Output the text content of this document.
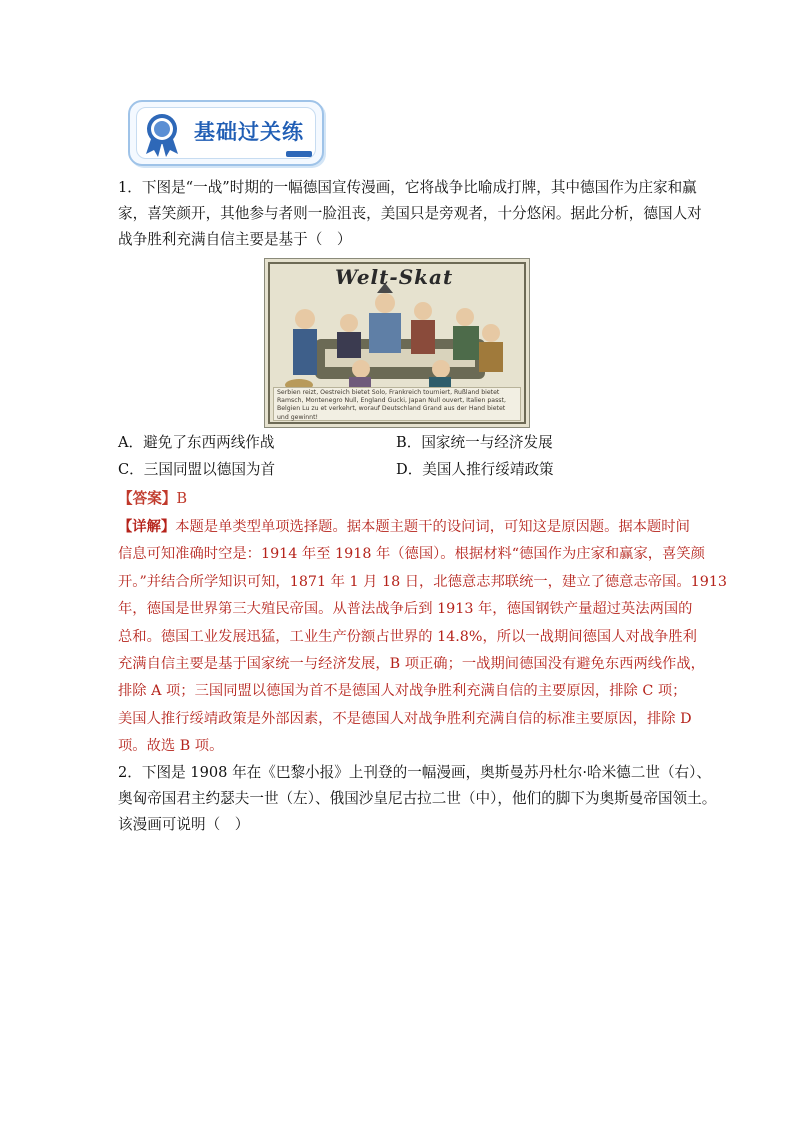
基础过关练
1．下图是“一战”时期的一幅德国宣传漫画，它将战争比喻成打牌，其中德国作为庄家和赢
家，喜笑颜开，其他参与者则一脸沮丧，美国只是旁观者，十分悠闲。据此分析，德国人对
战争胜利充满自信主要是基于（　）
Welt-Skat
Serbien reizt, Oestreich bietet Solo, Frankreich tourniert, Rußland bietet Ramsch, Montenegro Null, England Gucki, Japan Null ouvert, Italien passt, Belgien Lu zu et verkehrt, worauf Deutschland Grand aus der Hand bietet und gewinnt!
A．避免了东西两线作战	B．国家统一与经济发展
C．三国同盟以德国为首	D．美国人推行绥靖政策
【答案】B
【详解】本题是单类型单项选择题。据本题主题干的设问词，可知这是原因题。据本题时间
信息可知准确时空是：1914 年至 1918 年（德国）。根据材料“德国作为庄家和赢家，喜笑颜
开。”并结合所学知识可知，1871 年 1 月 18 日，北德意志邦联统一，建立了德意志帝国。1913
年，德国是世界第三大殖民帝国。从普法战争后到 1913 年，德国钢铁产量超过英法两国的
总和。德国工业发展迅猛，工业生产份额占世界的 14.8%，所以一战期间德国人对战争胜利
充满自信主要是基于国家统一与经济发展，B 项正确；一战期间德国没有避免东西两线作战，
排除 A 项；三国同盟以德国为首不是德国人对战争胜利充满自信的主要原因，排除 C 项；
美国人推行绥靖政策是外部因素，不是德国人对战争胜利充满自信的标准主要原因，排除 D
项。故选 B 项。
2．下图是 1908 年在《巴黎小报》上刊登的一幅漫画，奥斯曼苏丹杜尔·哈米德二世（右）、
奥匈帝国君主约瑟夫一世（左）、俄国沙皇尼古拉二世（中），他们的脚下为奥斯曼帝国领土。
该漫画可说明（　）
